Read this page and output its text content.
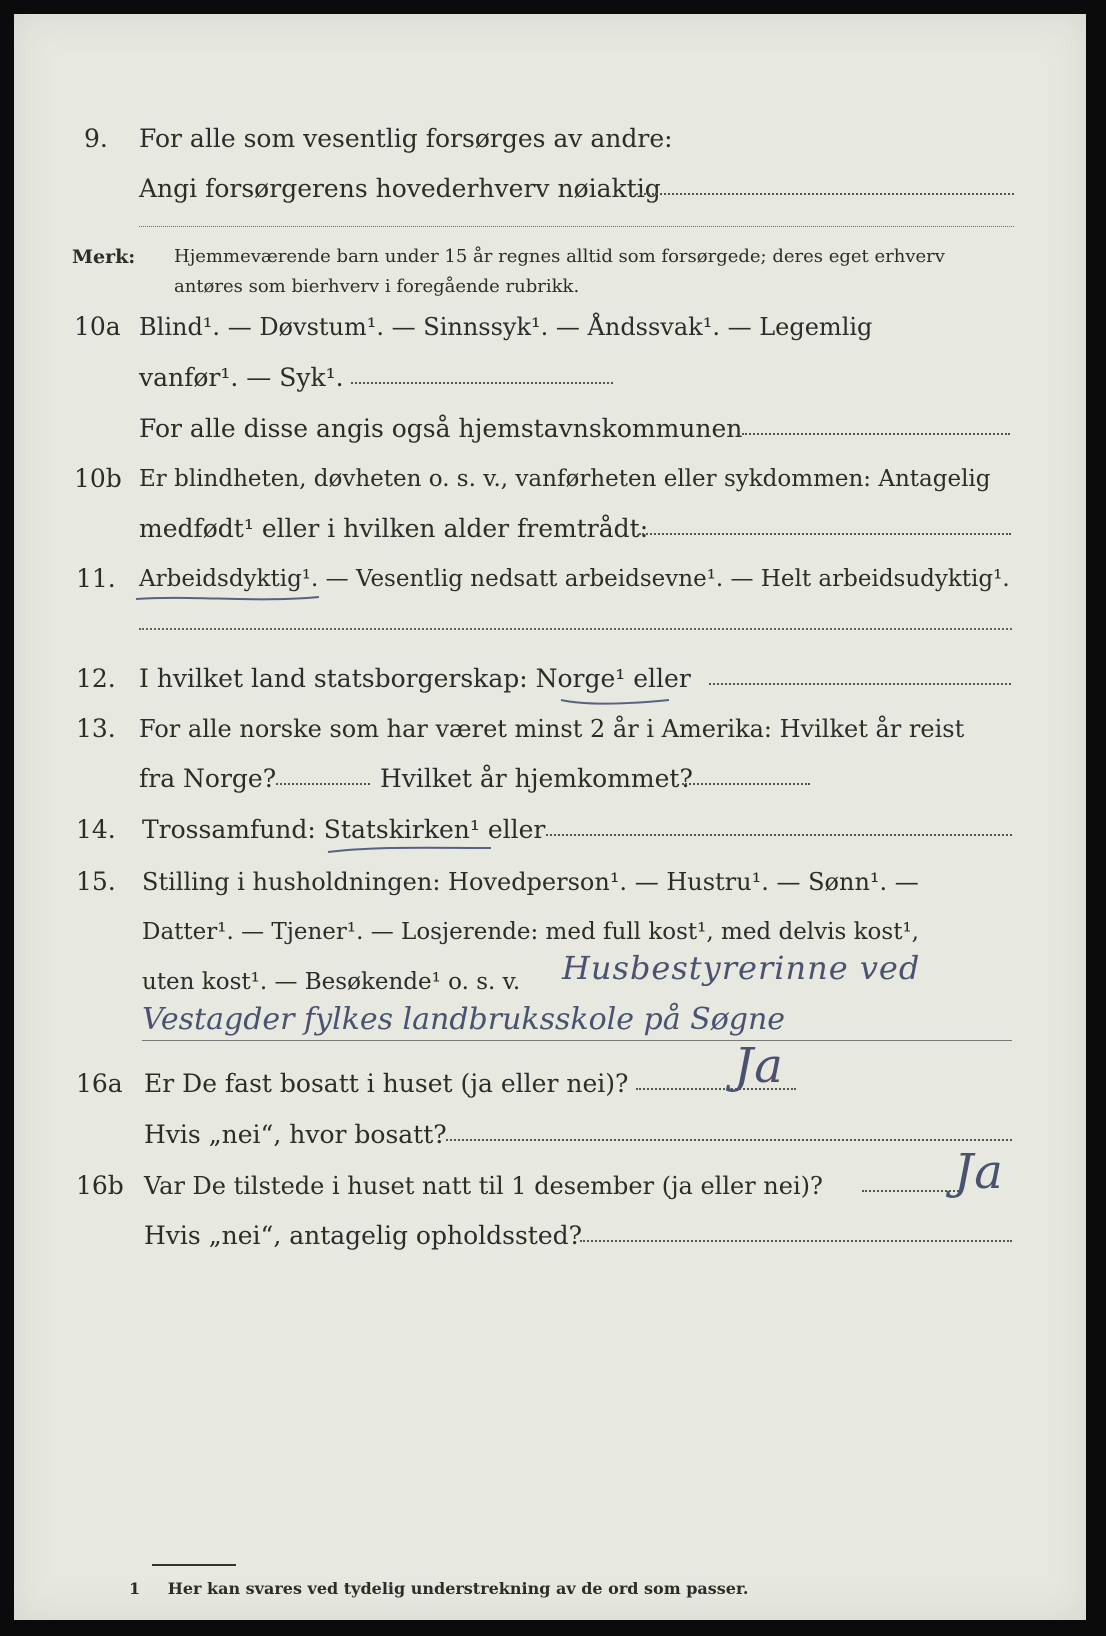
9.	For alle som vesentlig forsørges av andre:
Angi forsørgerens hovederhverv nøiaktig
Merk: Hjemmeværende barn under 15 år regnes alltid som forsørgede; deres eget erhverv
antøres som bierhverv i foregående rubrikk.
10a Blind¹. — Døvstum¹. — Sinnssyk¹. — Åndssvak¹. — Legemlig
vanfør¹. — Syk¹.
For alle disse angis også hjemstavnskommunen
10b Er blindheten, døvheten o. s. v., vanførheten eller sykdommen: Antagelig
medfødt¹ eller i hvilken alder fremtrådt:
11.	Arbeidsdyktig¹. — Vesentlig nedsatt arbeidsevne¹. — Helt arbeidsudyktig¹.
12. I hvilket land statsborgerskap: Norge¹ eller
13. For alle norske som har været minst 2 år i Amerika: Hvilket år reist
fra Norge?	Hvilket år hjemkommet?
14.	Trossamfund: Statskirken¹ eller
15.	Stilling i husholdningen: Hovedperson¹. — Hustru¹. — Sønn¹. —
Datter¹. — Tjener¹. — Losjerende: med full kost¹, med delvis kost¹,
uten kost¹. — Besøkende¹ o. s. v. Husbestyrerinne ved
Vestagder fylkes landbruksskole på Søgne
16a Er De fast bosatt i huset (ja eller nei)? Ja
Hvis „nei“, hvor bosatt?
16b Var De tilstede i huset natt til 1 desember (ja eller nei)?	Ja
Hvis „nei“, antagelig opholdssted?
1 Her kan svares ved tydelig understrekning av de ord som passer.
